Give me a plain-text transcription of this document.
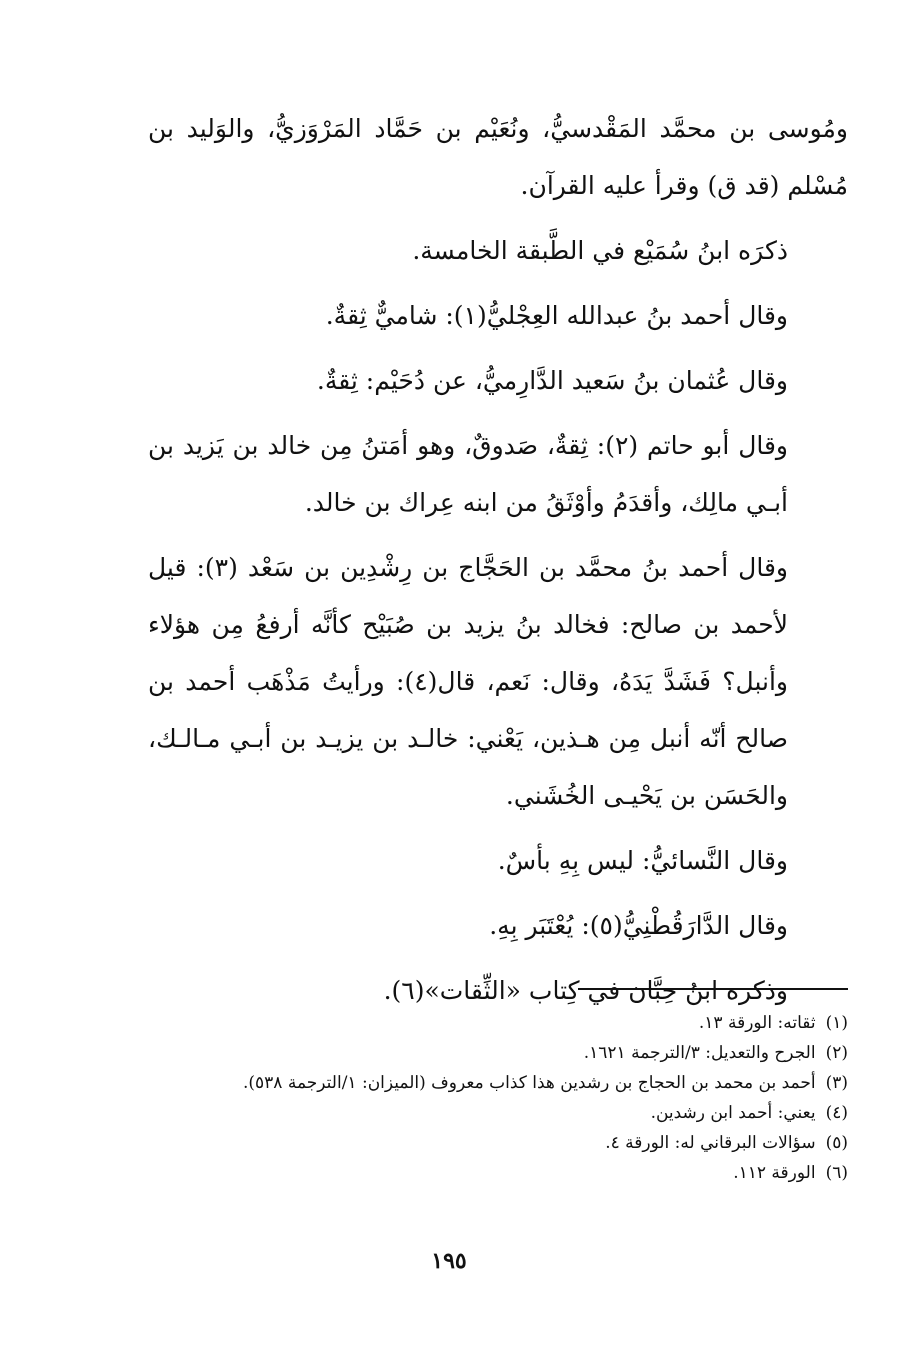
ومُوسى بن محمَّد المَقْدسيُّ، ونُعَيْم بن حَمَّاد المَرْوَزيُّ، والوَليد بن مُسْلم (قد ق) وقرأ عليه القرآن.

ذكرَه ابنُ سُمَيْع في الطَّبقة الخامسة.

وقال أحمد بنُ عبدالله العِجْليُّ(١): شاميٌّ ثِقةٌ.

وقال عُثمان بنُ سَعيد الدَّارِميُّ، عن دُحَيْم: ثِقةٌ.

وقال أبو حاتم (٢): ثِقةٌ، صَدوقٌ، وهو أمَتنُ مِن خالد بن يَزيد بن أبـي مالِك، وأقدَمُ وأوْثَقُ من ابنه عِراك بن خالد.

وقال أحمد بنُ محمَّد بن الحَجَّاج بن رِشْدِين بن سَعْد (٣): قيل لأحمد بن صالح: فخالد بنُ يزيد بن صُبَيْح كأنَّه أرفعُ مِن هؤلاء وأنبل؟ فَشَدَّ يَدَهُ، وقال: نَعم، قال(٤): ورأيتُ مَذْهَب أحمد بن صالح أنّه أنبل مِن هـذين، يَعْني: خالـد بن يزيـد بن أبـي مـالـك، والحَسَن بن يَحْيـى الخُشَني.

وقال النَّسائيُّ: ليس بِهِ بأسٌ.

وقال الدَّارَقُطْنِيُّ(٥): يُعْتَبَر بِهِ.

وذكره ابنُ حِبَّان في كِتاب «الثِّقات»(٦).

(١)ثقاته: الورقة ١٣.
(٢)الجرح والتعديل: ٣/الترجمة ١٦٢١.
(٣)أحمد بن محمد بن الحجاج بن رشدين هذا كذاب معروف (الميزان: ١/الترجمة ٥٣٨).
(٤)يعني: أحمد ابن رشدين.
(٥)سؤالات البرقاني له: الورقة ٤.
(٦)الورقة ١١٢.
١٩٥
